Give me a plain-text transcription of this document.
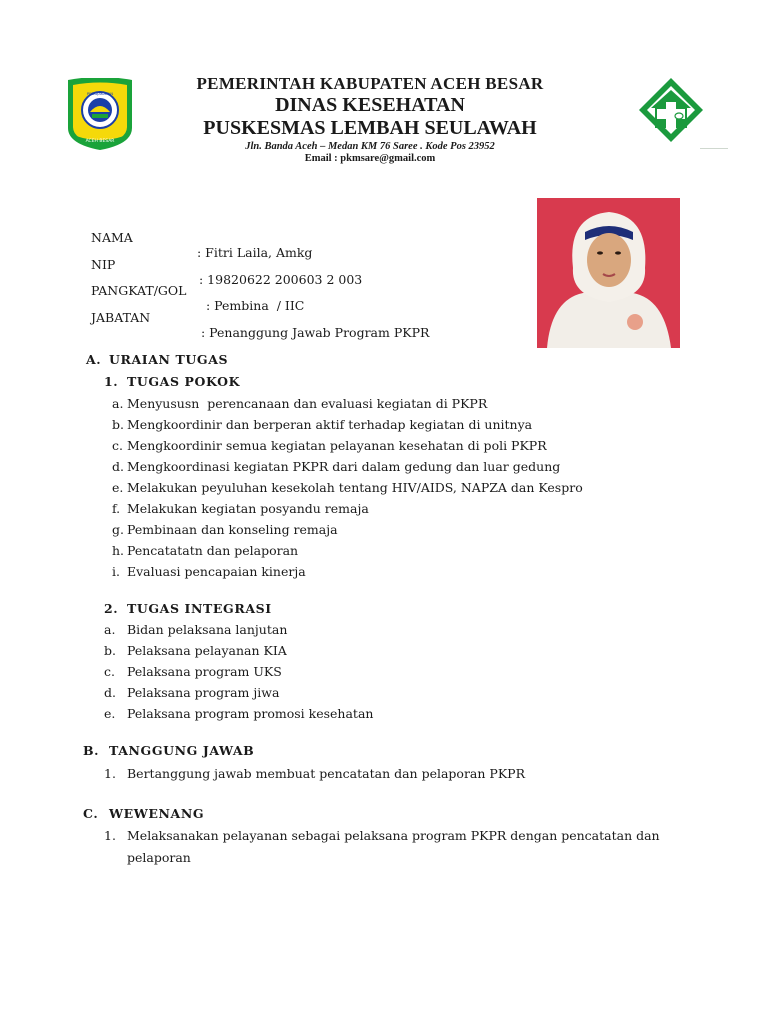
ACEH BESAR
PEUDJAKATAN
PEMERINTAH KABUPATEN ACEH BESAR
DINAS KESEHATAN
PUSKESMAS LEMBAH SEULAWAH
Jln. Banda Aceh – Medan KM 76 Saree . Kode Pos 23952
Email : pkmsare@gmail.com

NAMA

: Fitri Laila, Amkg

NIP

: 19820622 200603 2 003

PANGKAT/GOL

: Pembina  / IIC

JABATAN

: Penanggung Jawab Program PKPR

A. URAIAN TUGAS
1. TUGAS POKOK
a. Menyususn  perencanaan dan evaluasi kegiatan di PKPR
b. Mengkoordinir dan berperan aktif terhadap kegiatan di unitnya
c. Mengkoordinir semua kegiatan pelayanan kesehatan di poli PKPR
d. Mengkoordinasi kegiatan PKPR dari dalam gedung dan luar gedung
e. Melakukan peyuluhan kesekolah tentang HIV/AIDS, NAPZA dan Kespro
f. Melakukan kegiatan posyandu remaja
g. Pembinaan dan konseling remaja
h. Pencatatatn dan pelaporan
i. Evaluasi pencapaian kinerja
2. TUGAS INTEGRASI
a. Bidan pelaksana lanjutan
b. Pelaksana pelayanan KIA
c. Pelaksana program UKS
d. Pelaksana program jiwa
e. Pelaksana program promosi kesehatan
B. TANGGUNG JAWAB
1. Bertanggung jawab membuat pencatatan dan pelaporan PKPR
C. WEWENANG
1. Melaksanakan pelayanan sebagai pelaksana program PKPR dengan pencatatan dan
pelaporan
